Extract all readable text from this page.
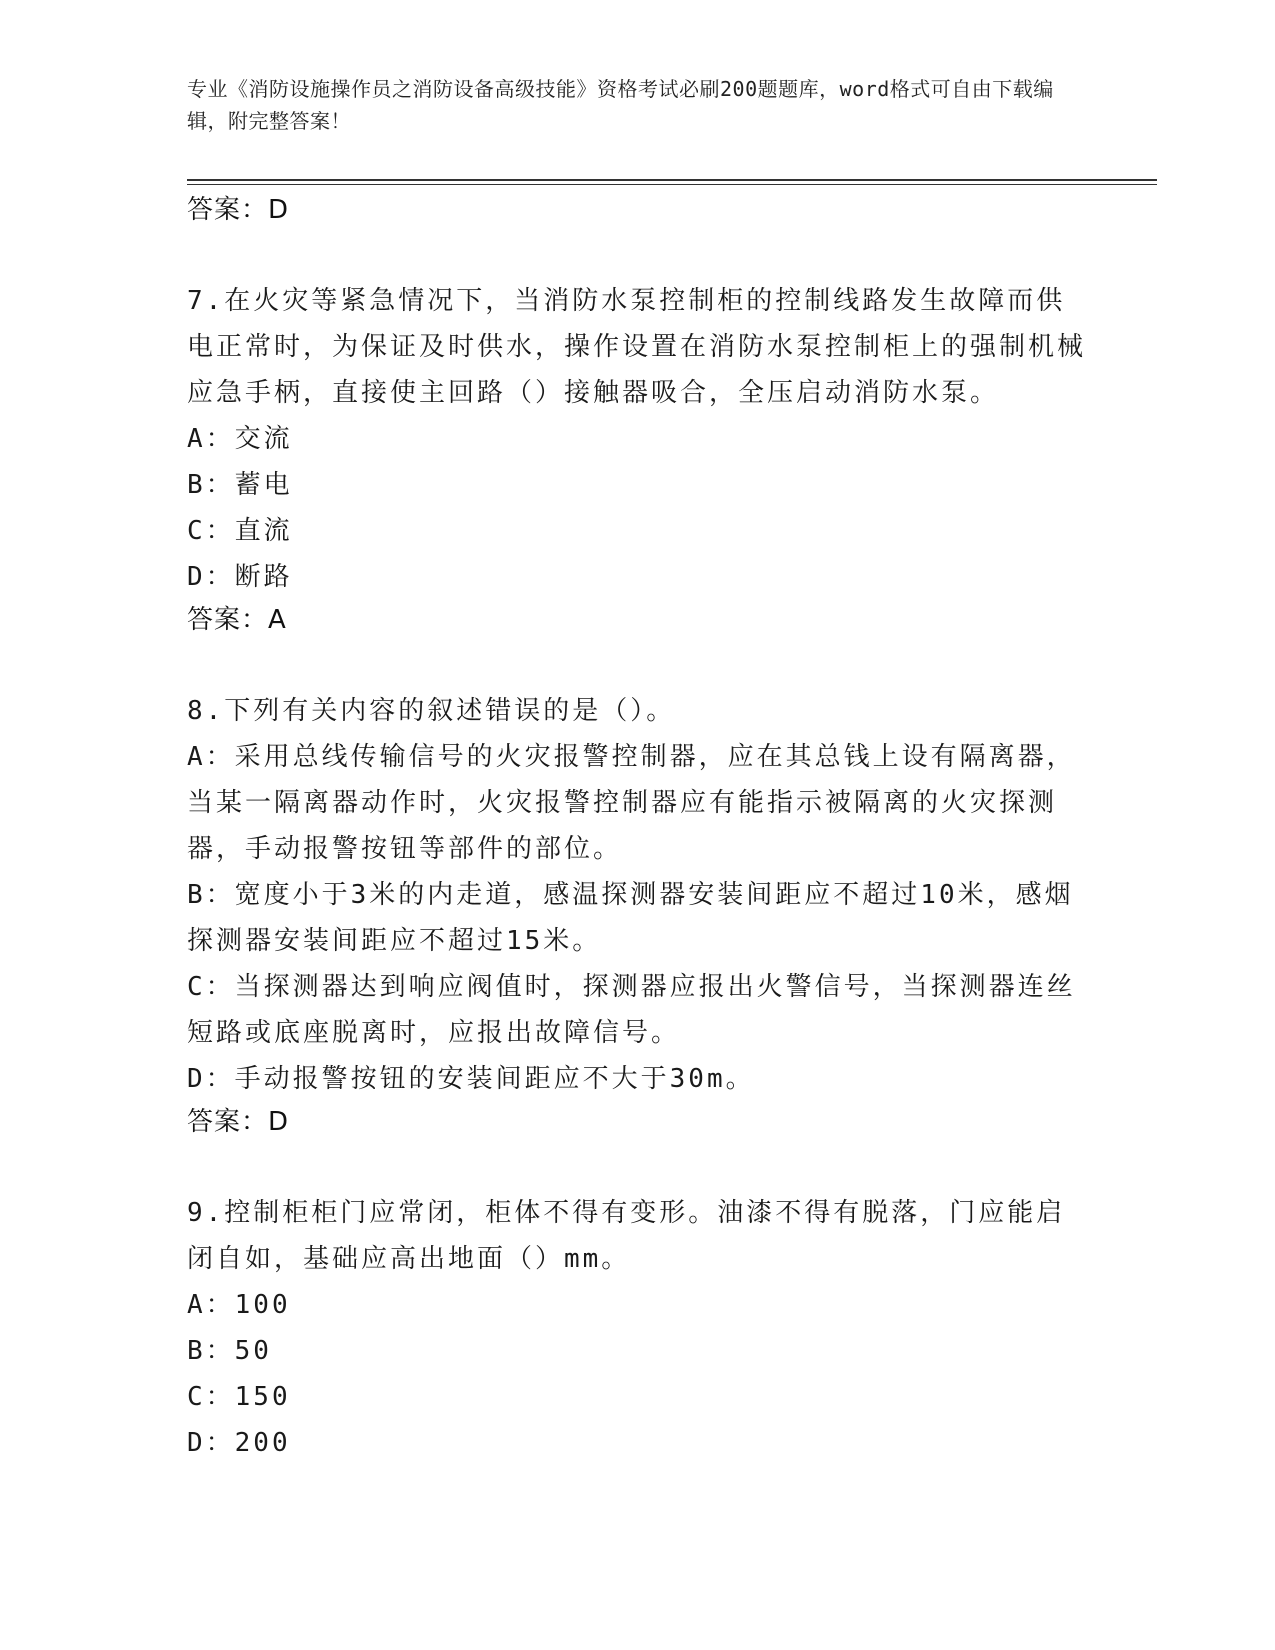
专业《消防设施操作员之消防设备高级技能》资格考试必刷200题题库，word格式可自由下载编辑，附完整答案！
答案：D

7.在火灾等紧急情况下，当消防水泵控制柜的控制线路发生故障而供电正常时，为保证及时供水，操作设置在消防水泵控制柜上的强制机械应急手柄，直接使主回路（）接触器吸合，全压启动消防水泵。

A：交流

B：蓄电

C：直流

D：断路

答案：A

8.下列有关内容的叙述错误的是（）。

A：采用总线传输信号的火灾报警控制器，应在其总钱上设有隔离器，当某一隔离器动作时，火灾报警控制器应有能指示被隔离的火灾探测器，手动报警按钮等部件的部位。

B：宽度小于3米的内走道，感温探测器安装间距应不超过10米，感烟探测器安装间距应不超过15米。

C：当探测器达到响应阀值时，探测器应报出火警信号，当探测器连丝短路或底座脱离时，应报出故障信号。

D：手动报警按钮的安装间距应不大于30m。

答案：D

9.控制柜柜门应常闭，柜体不得有变形。油漆不得有脱落，门应能启闭自如，基础应高出地面（）mm。

A：100

B：50

C：150

D：200
